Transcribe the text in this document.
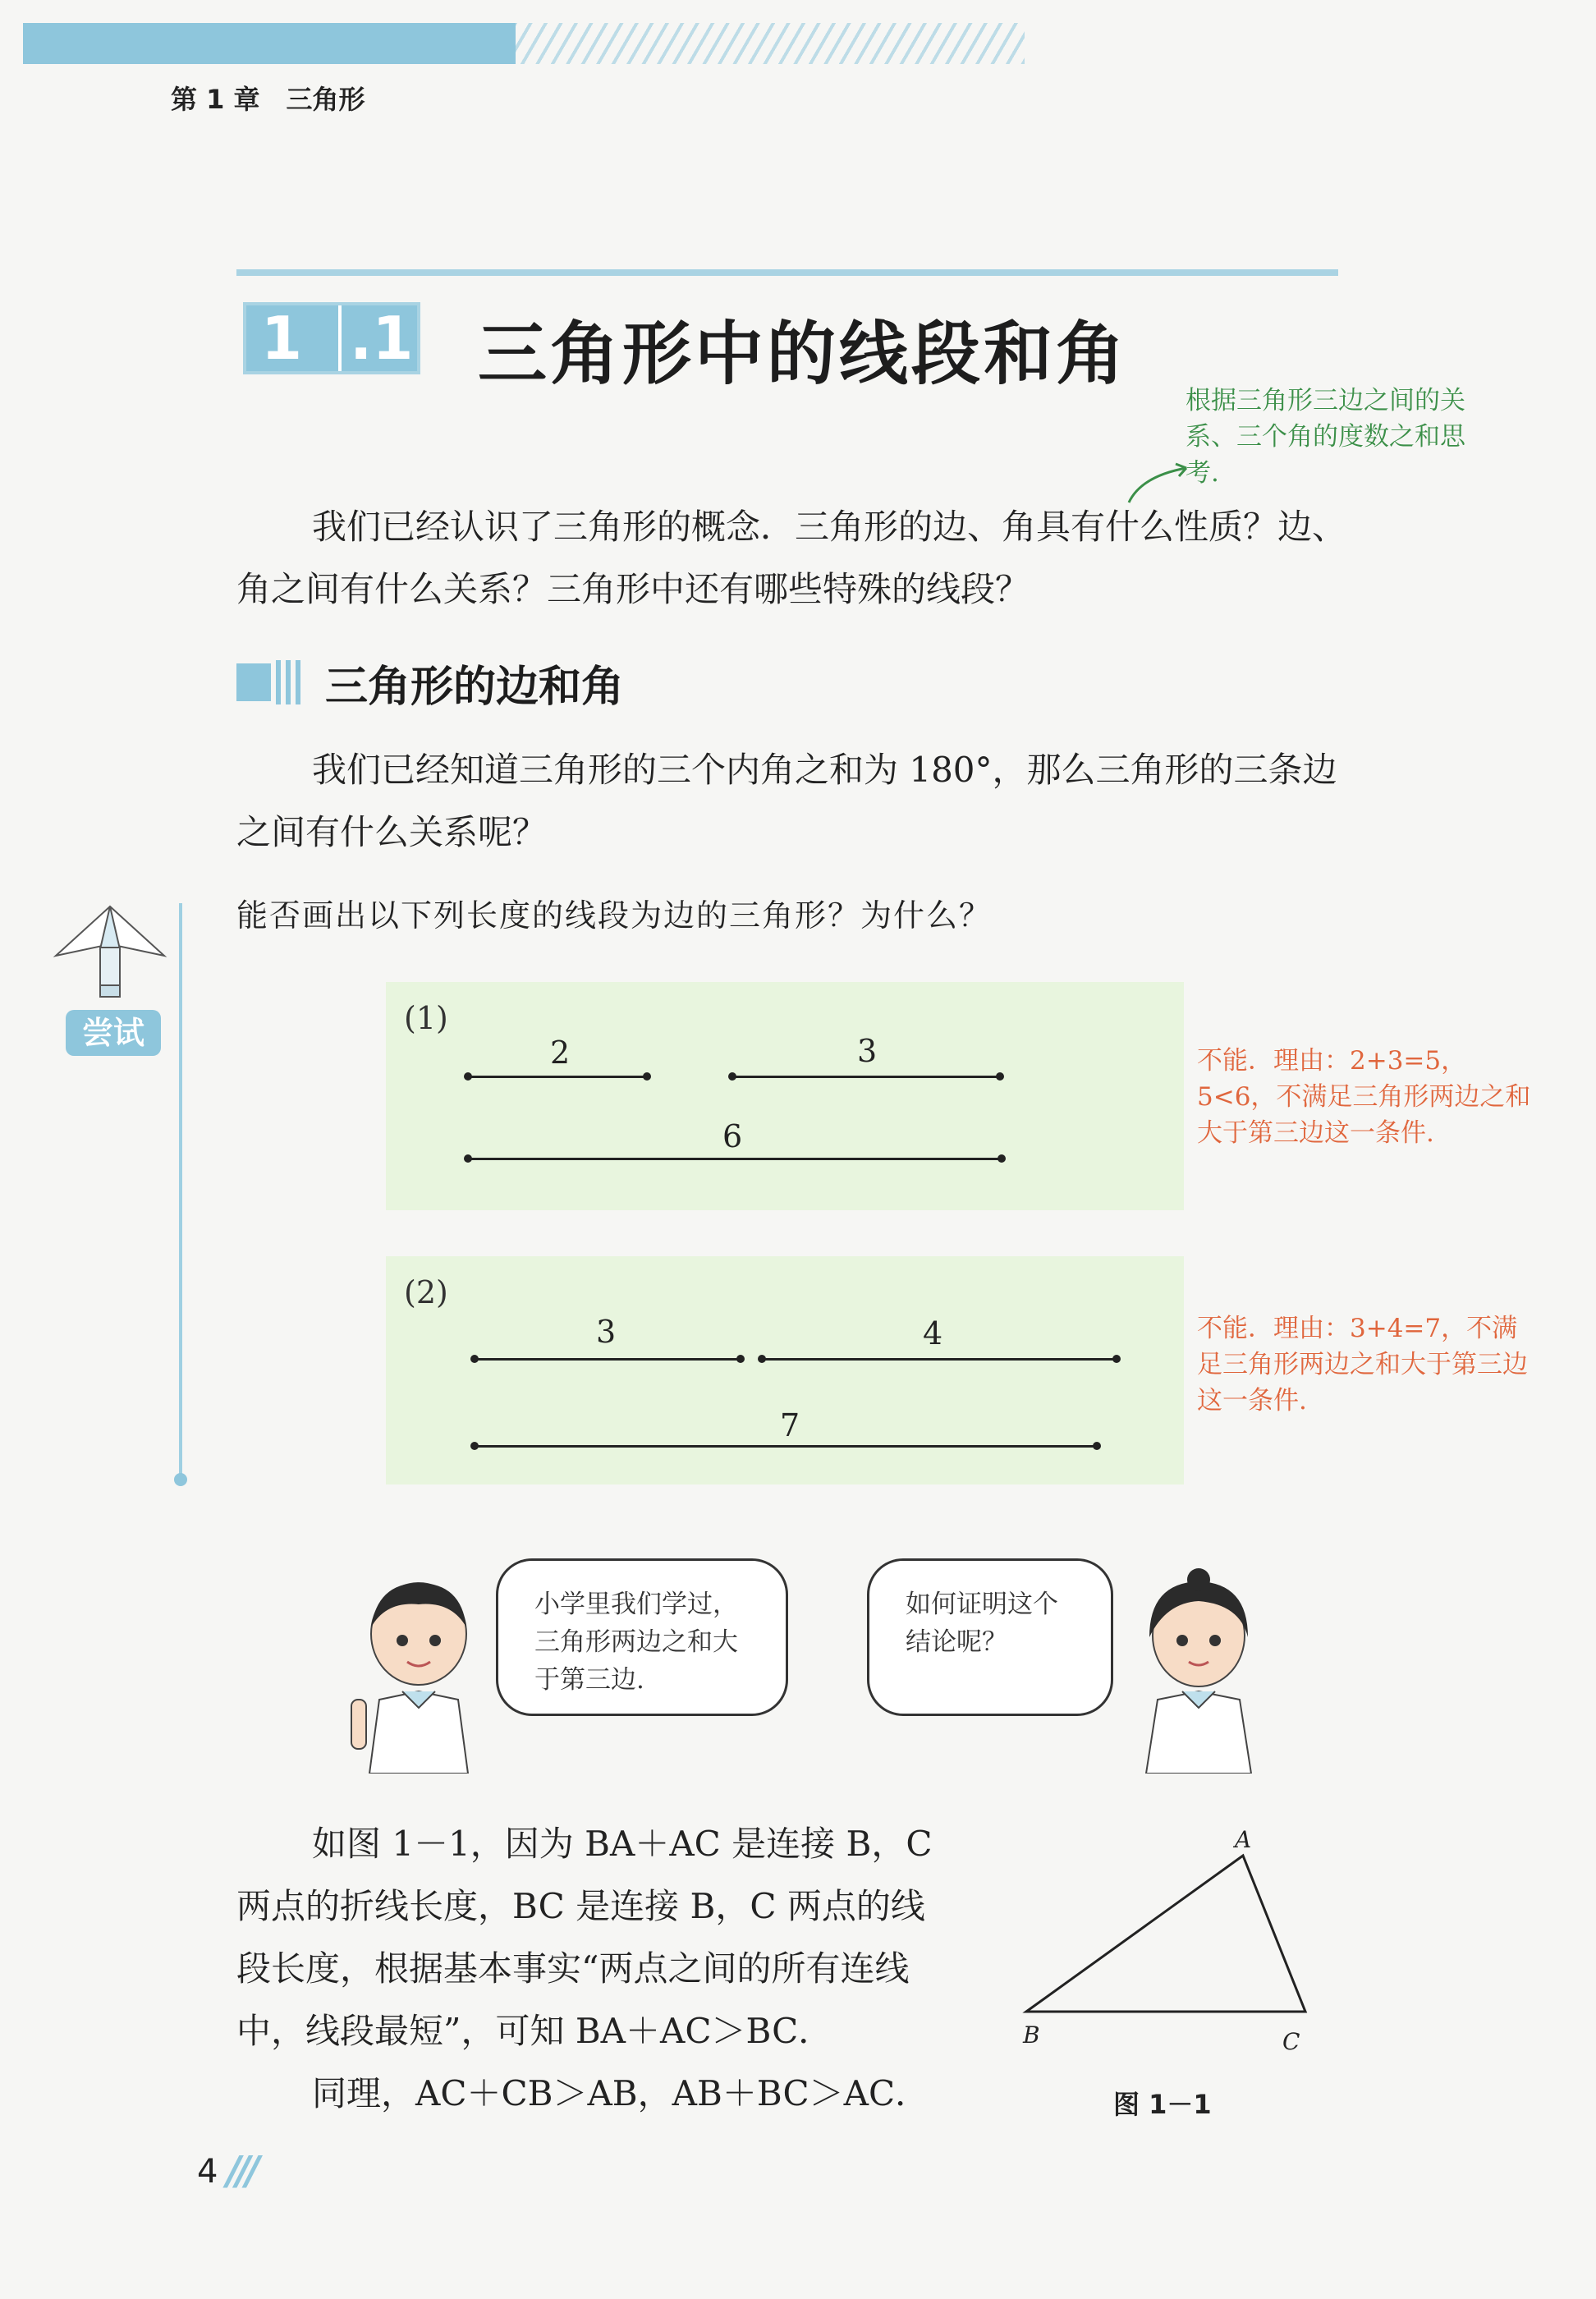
第 1 章　三角形
1 .1 三角形中的线段和角
根据三角形三边之间的关系、三个角的度数之和思考.
我们已经认识了三角形的概念．三角形的边、角具有什么性质？边、角之间有什么关系？三角形中还有哪些特殊的线段？
三角形的边和角
我们已经知道三角形的三个内角之和为 180°，那么三角形的三条边之间有什么关系呢？
尝试
能否画出以下列长度的线段为边的三角形？为什么？
(1)
2	3
6
不能．理由：2+3=5，5<6，不满足三角形两边之和大于第三边这一条件.
(2)
3	4
7
不能．理由：3+4=7，不满足三角形两边之和大于第三边这一条件.
小学里我们学过，三角形两边之和大于第三边.
如何证明这个结论呢？
如图 1－1，因为 BA＋AC 是连接 B，C
两点的折线长度，BC 是连接 B，C 两点的线
段长度，根据基本事实“两点之间的所有连线
中，线段最短”，可知 BA＋AC＞BC．
同理，AC＋CB＞AB，AB＋BC＞AC．
A
B	C
图 1－1
4 ///
